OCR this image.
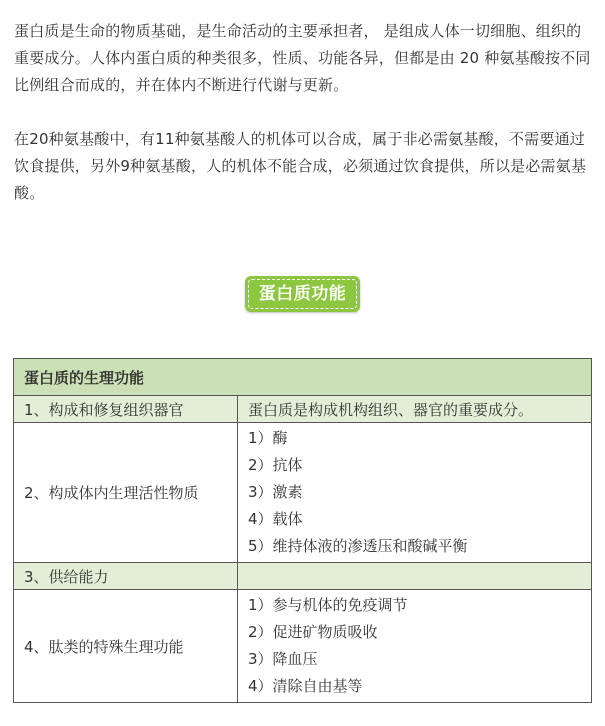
蛋白质是生命的物质基础，是生命活动的主要承担者， 是组成人体一切细胞、组织的重要成分。人体内蛋白质的种类很多，性质、功能各异，但都是由 20 种氨基酸按不同比例组合而成的，并在体内不断进行代谢与更新。

在20种氨基酸中，有11种氨基酸人的机体可以合成，属于非必需氨基酸，不需要通过饮食提供，另外9种氨基酸，人的机体不能合成，必须通过饮食提供，所以是必需氨基酸。

蛋白质功能
蛋白质的生理功能	
1、构成和修复组织器官	蛋白质是构成机构组织、器官的重要成分。
2、构成体内生理活性物质	1）酶
2）抗体
3）激素
4）载体
5）维持体液的渗透压和酸碱平衡

3、供给能力	
4、肽类的特殊生理功能	1）参与机体的免疫调节
2）促进矿物质吸收
3）降血压
4）清除自由基等
